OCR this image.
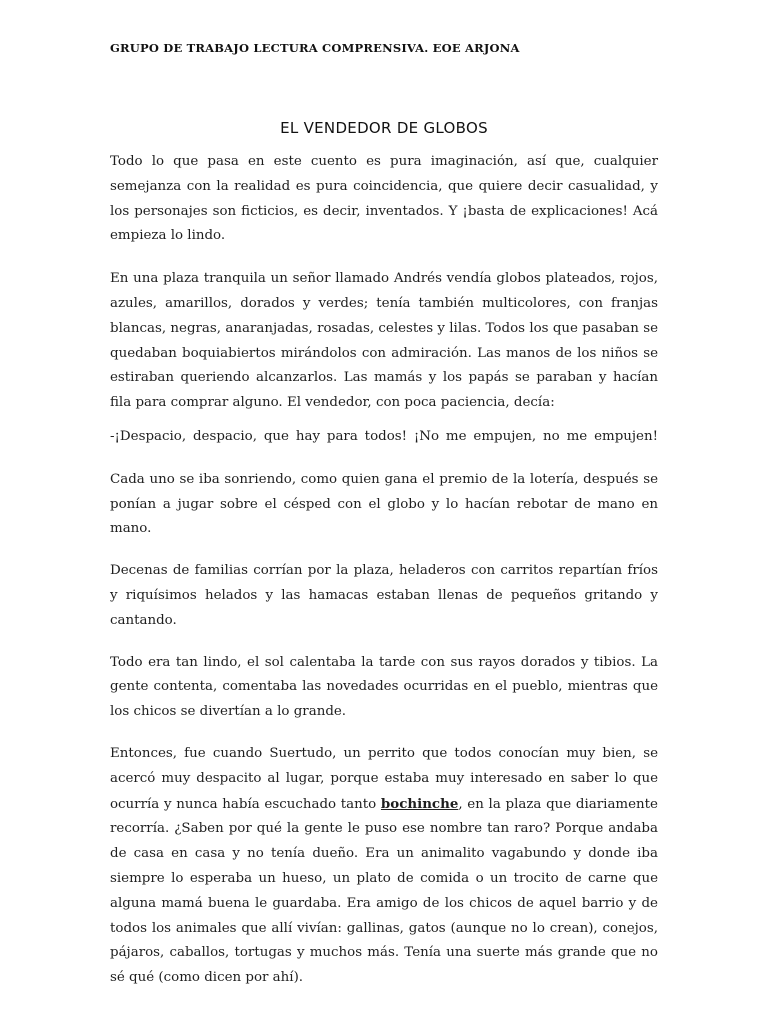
GRUPO DE TRABAJO LECTURA COMPRENSIVA. EOE ARJONA
EL VENDEDOR DE GLOBOS

Todo lo que pasa en este cuento es pura imaginación, así que, cualquier semejanza con la realidad es pura coincidencia, que quiere decir casualidad, y los personajes son ficticios, es decir, inventados. Y ¡basta de explicaciones! Acá empieza lo lindo.

En una plaza tranquila un señor llamado Andrés vendía globos plateados, rojos, azules, amarillos, dorados y verdes; tenía también multicolores, con franjas blancas, negras, anaranjadas, rosadas, celestes y lilas. Todos los que pasaban se quedaban boquiabiertos mirándolos con admiración. Las manos de los niños se estiraban queriendo alcanzarlos. Las mamás y los papás se paraban y hacían fila para comprar alguno. El vendedor, con poca paciencia, decía:

-¡Despacio, despacio, que hay para todos! ¡No me empujen, no me empujen!

Cada uno se iba sonriendo, como quien gana el premio de la lotería, después se ponían a jugar sobre el césped con el globo y lo hacían rebotar de mano en mano.

Decenas de familias corrían por la plaza, heladeros con carritos repartían fríos y riquísimos helados y las hamacas estaban llenas de pequeños gritando y cantando.

Todo era tan lindo, el sol calentaba la tarde con sus rayos dorados y tibios. La gente contenta, comentaba las novedades ocurridas en el pueblo, mientras que los chicos se divertían a lo grande.

Entonces, fue cuando Suertudo, un perrito que todos conocían muy bien, se acercó muy despacito al lugar, porque estaba muy interesado en saber lo que ocurría y nunca había escuchado tanto bochinche, en la plaza que diariamente recorría. ¿Saben por qué la gente le puso ese nombre tan raro? Porque andaba de casa en casa y no tenía dueño. Era un animalito vagabundo y donde iba siempre lo esperaba un hueso, un plato de comida o un trocito de carne que alguna mamá buena le guardaba. Era amigo de los chicos de aquel barrio y de todos los animales que allí vivían: gallinas, gatos (aunque no lo crean), conejos, pájaros, caballos, tortugas y muchos más. Tenía una suerte más grande que no sé qué (como dicen por ahí).
